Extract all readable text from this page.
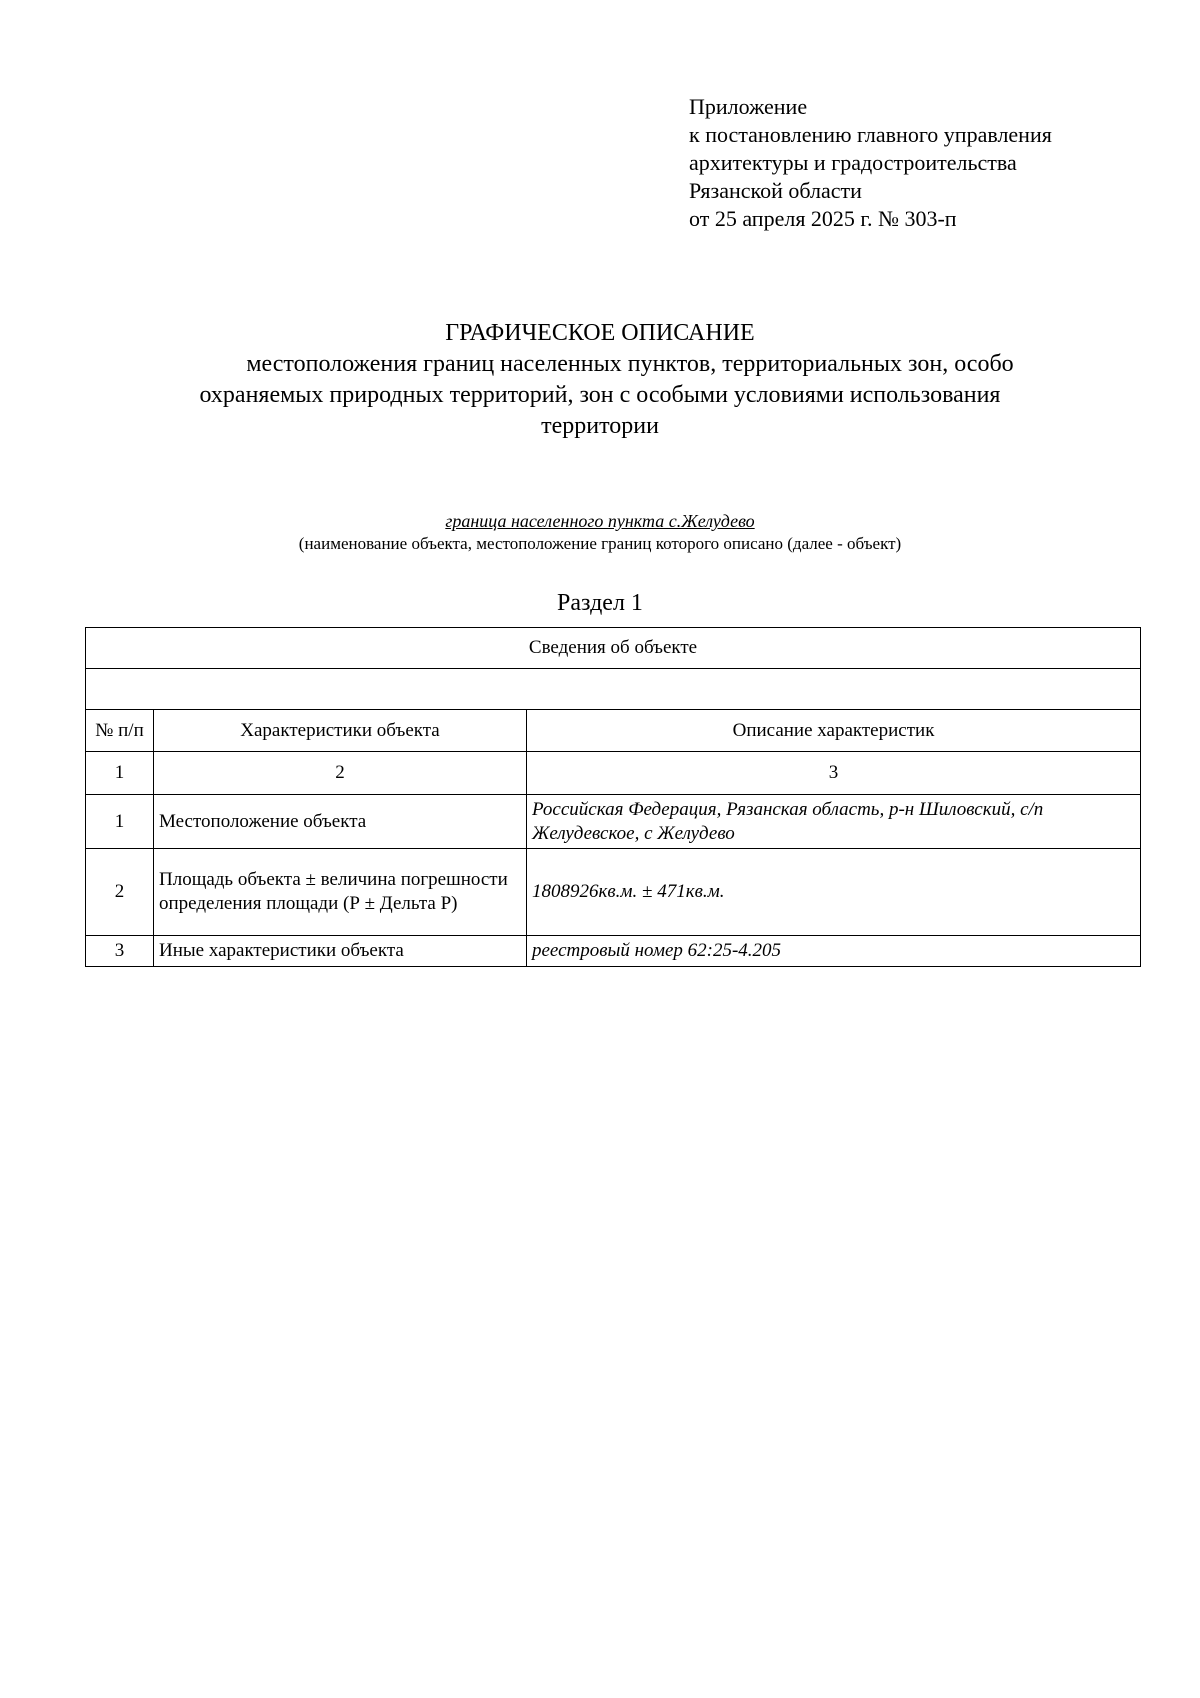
Приложение
к постановлению главного управления
архитектуры и градостроительства
Рязанской области
от 25 апреля 2025 г. № 303-п
ГРАФИЧЕСКОЕ ОПИСАНИЕ
местоположения границ населенных пунктов, территориальных зон, особо
охраняемых природных территорий, зон с особыми условиями использования
территории
граница населенного пункта с.Желудево
(наименование объекта, местоположение границ которого описано (далее - объект)
Раздел 1
Сведения об объекте		

№ п/п	Характеристики объекта	Описание характеристик
1	2	3
1	Местоположение объекта	Российская Федерация, Рязанская область, р-н Шиловский, с/п Желудевское, с Желудево
2	Площадь объекта ± величина погрешности определения площади (Р ± Дельта Р)	1808926кв.м. ± 471кв.м.
3	Иные характеристики объекта	реестровый номер 62:25-4.205
